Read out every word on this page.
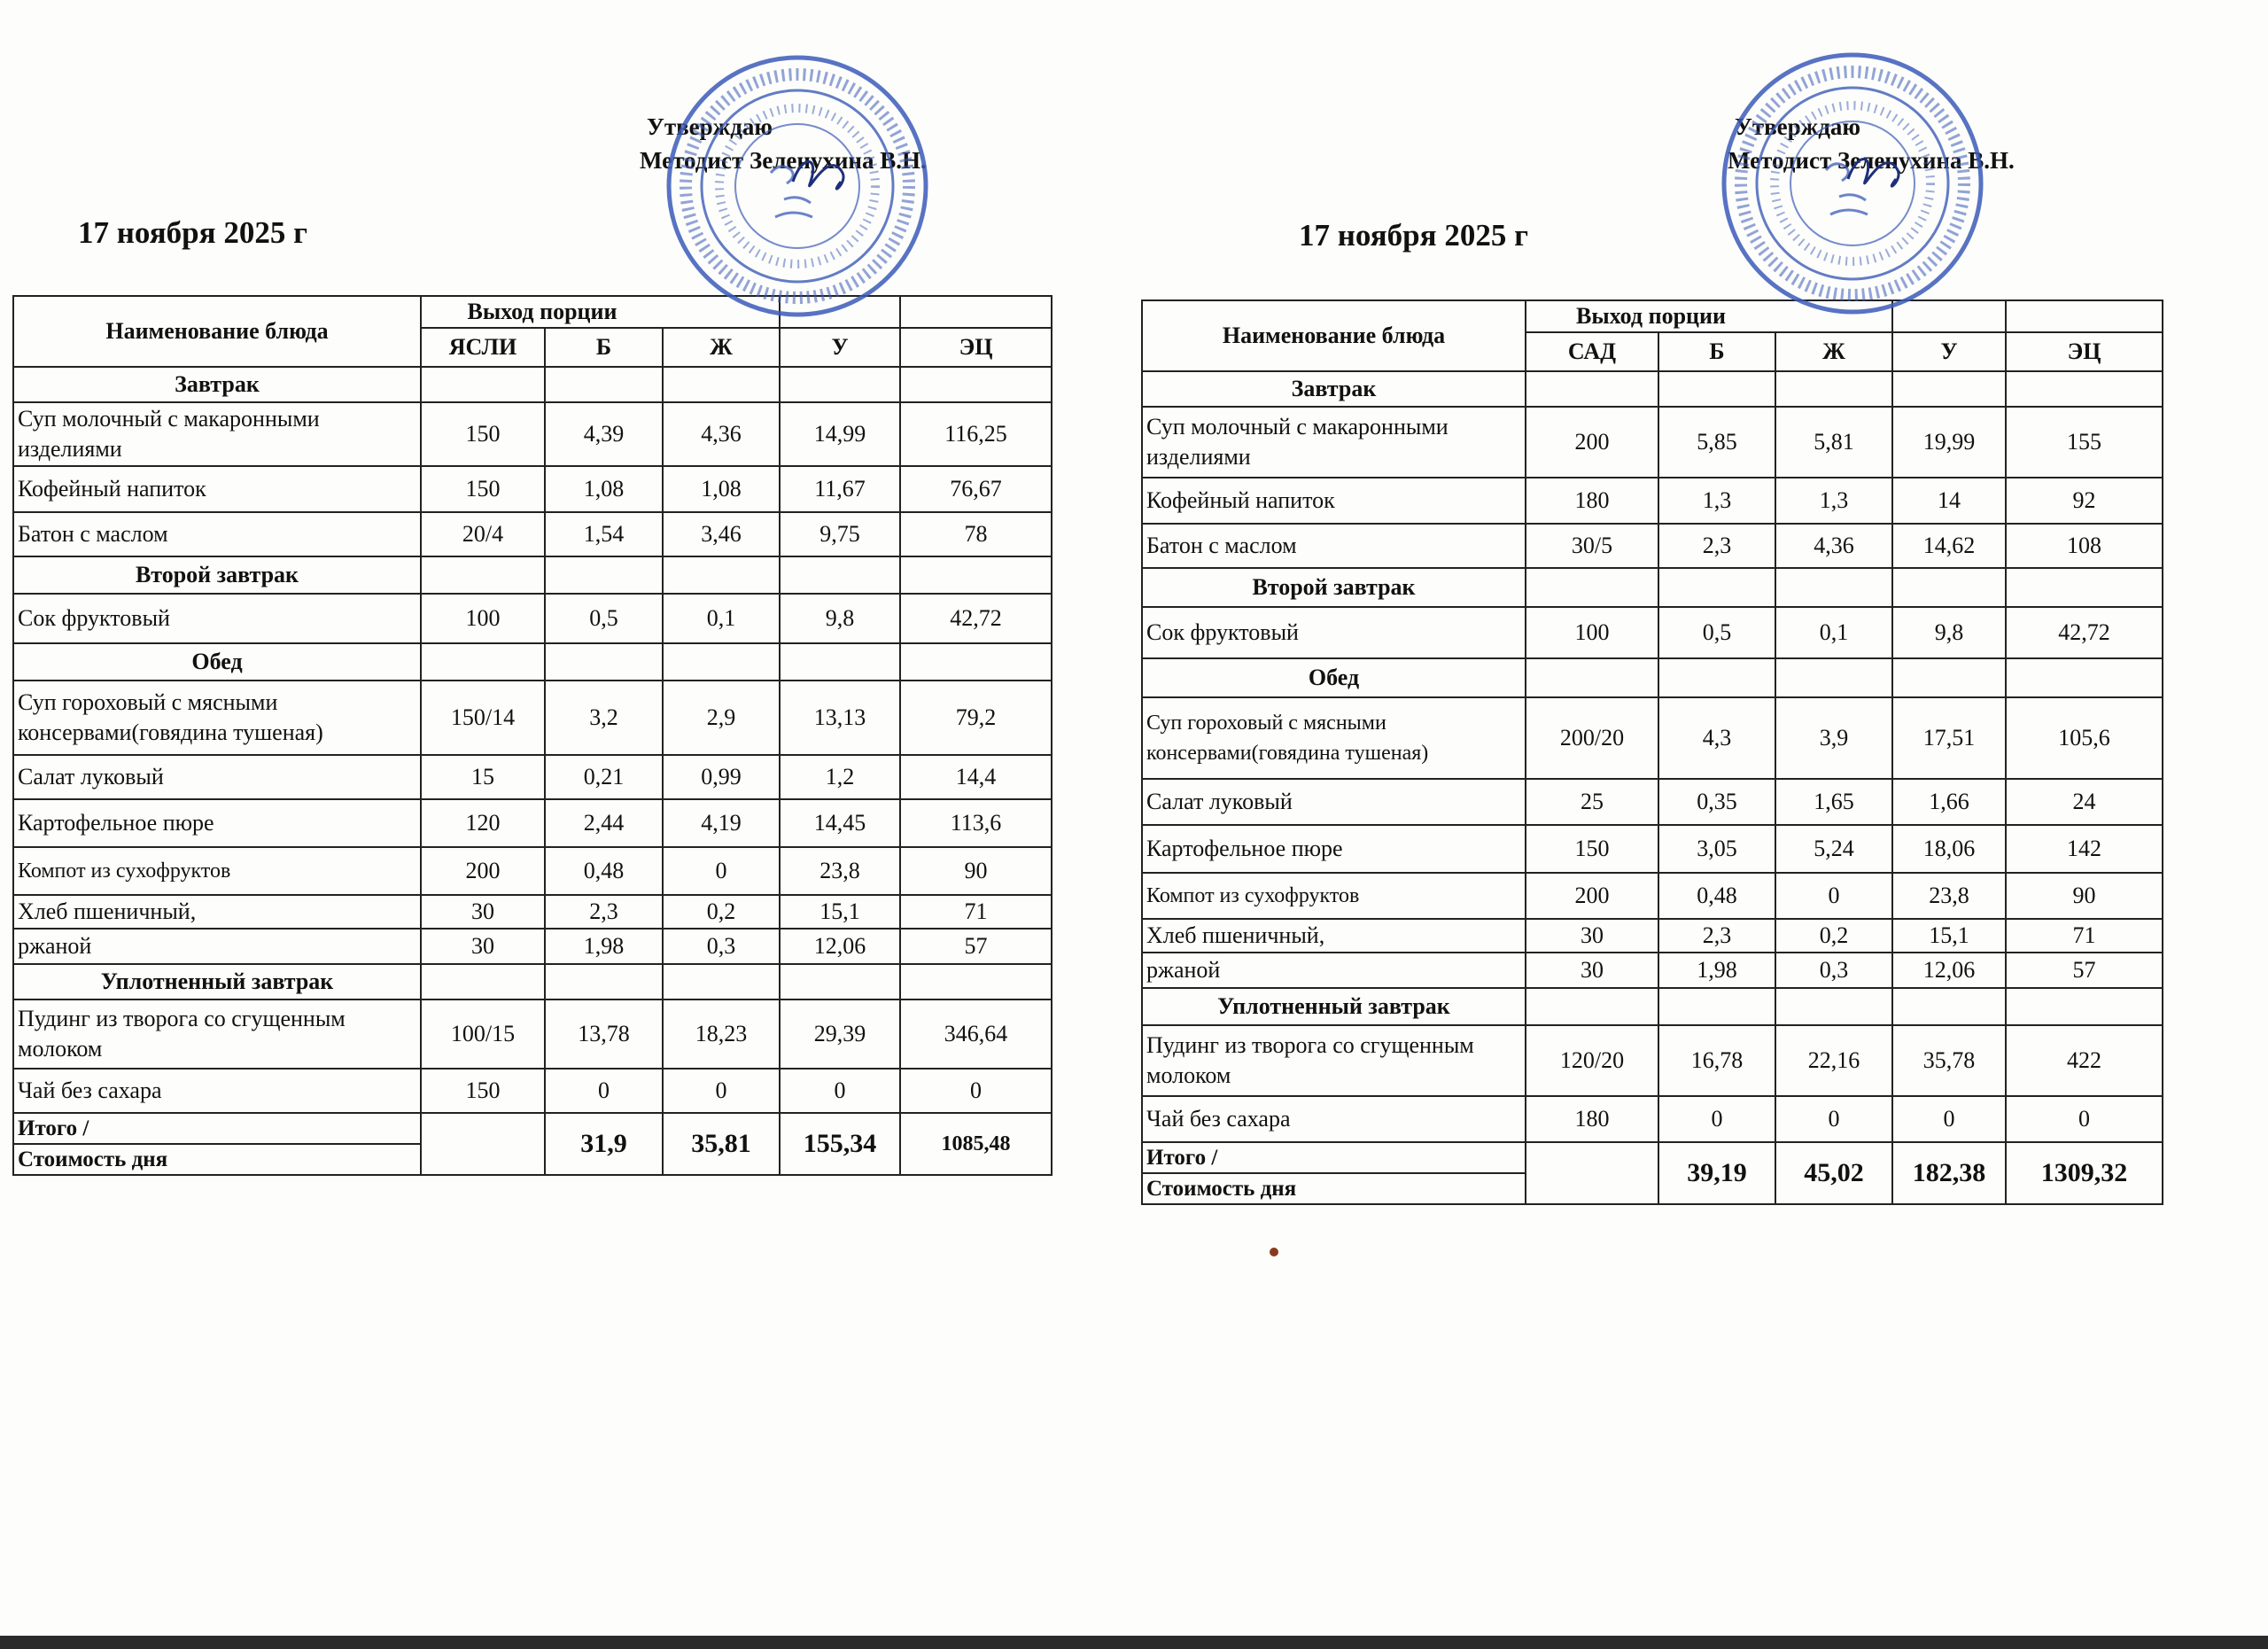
Утверждаю
Методист Зеленухина В.Н.
17 ноября 2025 г
Наименование блюда	Выход порции				
	ЯСЛИ	Б	Ж	У	ЭЦ
Завтрак					
Суп молочный с макаронными изделиями	150	4,39	4,36	14,99	116,25
Кофейный напиток	150	1,08	1,08	11,67	76,67
Батон с маслом	20/4	1,54	3,46	9,75	78
Второй завтрак					
Сок фруктовый	100	0,5	0,1	9,8	42,72
Обед					
Суп гороховый с мясными консервами(говядина тушеная)	150/14	3,2	2,9	13,13	79,2
Салат луковый	15	0,21	0,99	1,2	14,4
Картофельное пюре	120	2,44	4,19	14,45	113,6
Компот из сухофруктов	200	0,48	0	23,8	90
Хлеб пшеничный,	30	2,3	0,2	15,1	71
ржаной	30	1,98	0,3	12,06	57
Уплотненный завтрак					
Пудинг из творога со сгущенным молоком	100/15	13,78	18,23	29,39	346,64
Чай без сахара	150	0	0	0	0
Итого /		31,9	35,81	155,34	1085,48
Стоимость дня					
Утверждаю
Методист Зеленухина В.Н.
17 ноября 2025 г
Наименование блюда	Выход порции				
	САД	Б	Ж	У	ЭЦ
Завтрак					
Суп молочный с макаронными изделиями	200	5,85	5,81	19,99	155
Кофейный напиток	180	1,3	1,3	14	92
Батон с маслом	30/5	2,3	4,36	14,62	108
Второй завтрак					
Сок фруктовый	100	0,5	0,1	9,8	42,72
Обед					
Суп гороховый с мясными консервами(говядина тушеная)	200/20	4,3	3,9	17,51	105,6
Салат луковый	25	0,35	1,65	1,66	24
Картофельное пюре	150	3,05	5,24	18,06	142
Компот из сухофруктов	200	0,48	0	23,8	90
Хлеб пшеничный,	30	2,3	0,2	15,1	71
ржаной	30	1,98	0,3	12,06	57
Уплотненный завтрак					
Пудинг из творога со сгущенным молоком	120/20	16,78	22,16	35,78	422
Чай без сахара	180	0	0	0	0
Итого /		39,19	45,02	182,38	1309,32
Стоимость дня					
